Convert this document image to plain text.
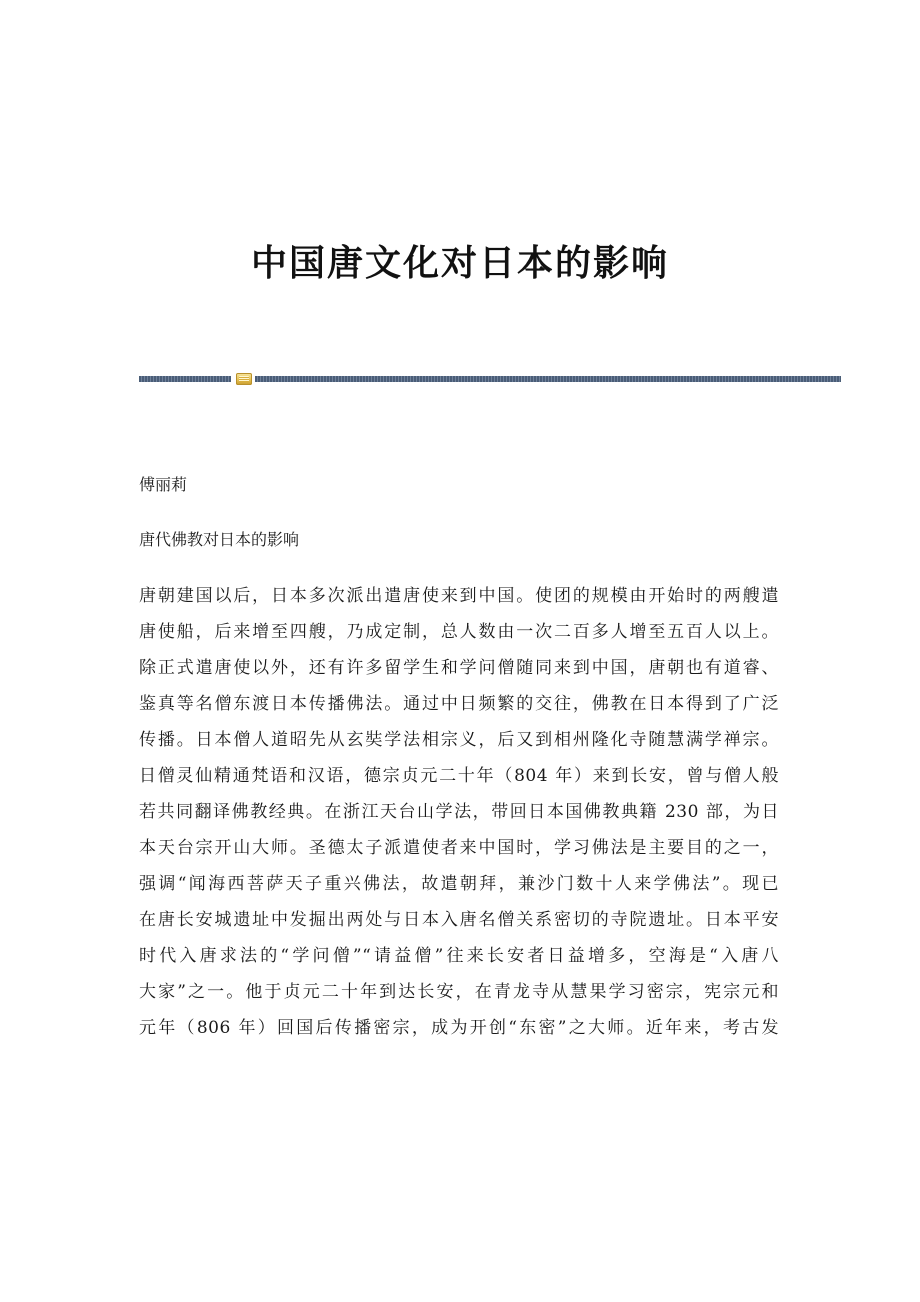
中国唐文化对日本的影响
傅丽莉
唐代佛教对日本的影响
唐朝建国以后，日本多次派出遣唐使来到中国。使团的规模由开始时的两艘遣
唐使船，后来增至四艘，乃成定制，总人数由一次二百多人增至五百人以上。
除正式遣唐使以外，还有许多留学生和学问僧随同来到中国，唐朝也有道睿、
鉴真等名僧东渡日本传播佛法。通过中日频繁的交往，佛教在日本得到了广泛
传播。日本僧人道昭先从玄奘学法相宗义，后又到相州隆化寺随慧满学禅宗。
日僧灵仙精通梵语和汉语，德宗贞元二十年（804 年）来到长安，曾与僧人般
若共同翻译佛教经典。在浙江天台山学法，带回日本国佛教典籍 230 部，为日
本天台宗开山大师。圣德太子派遣使者来中国时，学习佛法是主要目的之一，
强调“闻海西菩萨天子重兴佛法，故遣朝拜，兼沙门数十人来学佛法”。现已
在唐长安城遗址中发掘出两处与日本入唐名僧关系密切的寺院遗址。日本平安
时代入唐求法的“学问僧”“请益僧”往来长安者日益增多，空海是“入唐八
大家”之一。他于贞元二十年到达长安，在青龙寺从慧果学习密宗，宪宗元和
元年（806 年）回国后传播密宗，成为开创“东密”之大师。近年来，考古发
